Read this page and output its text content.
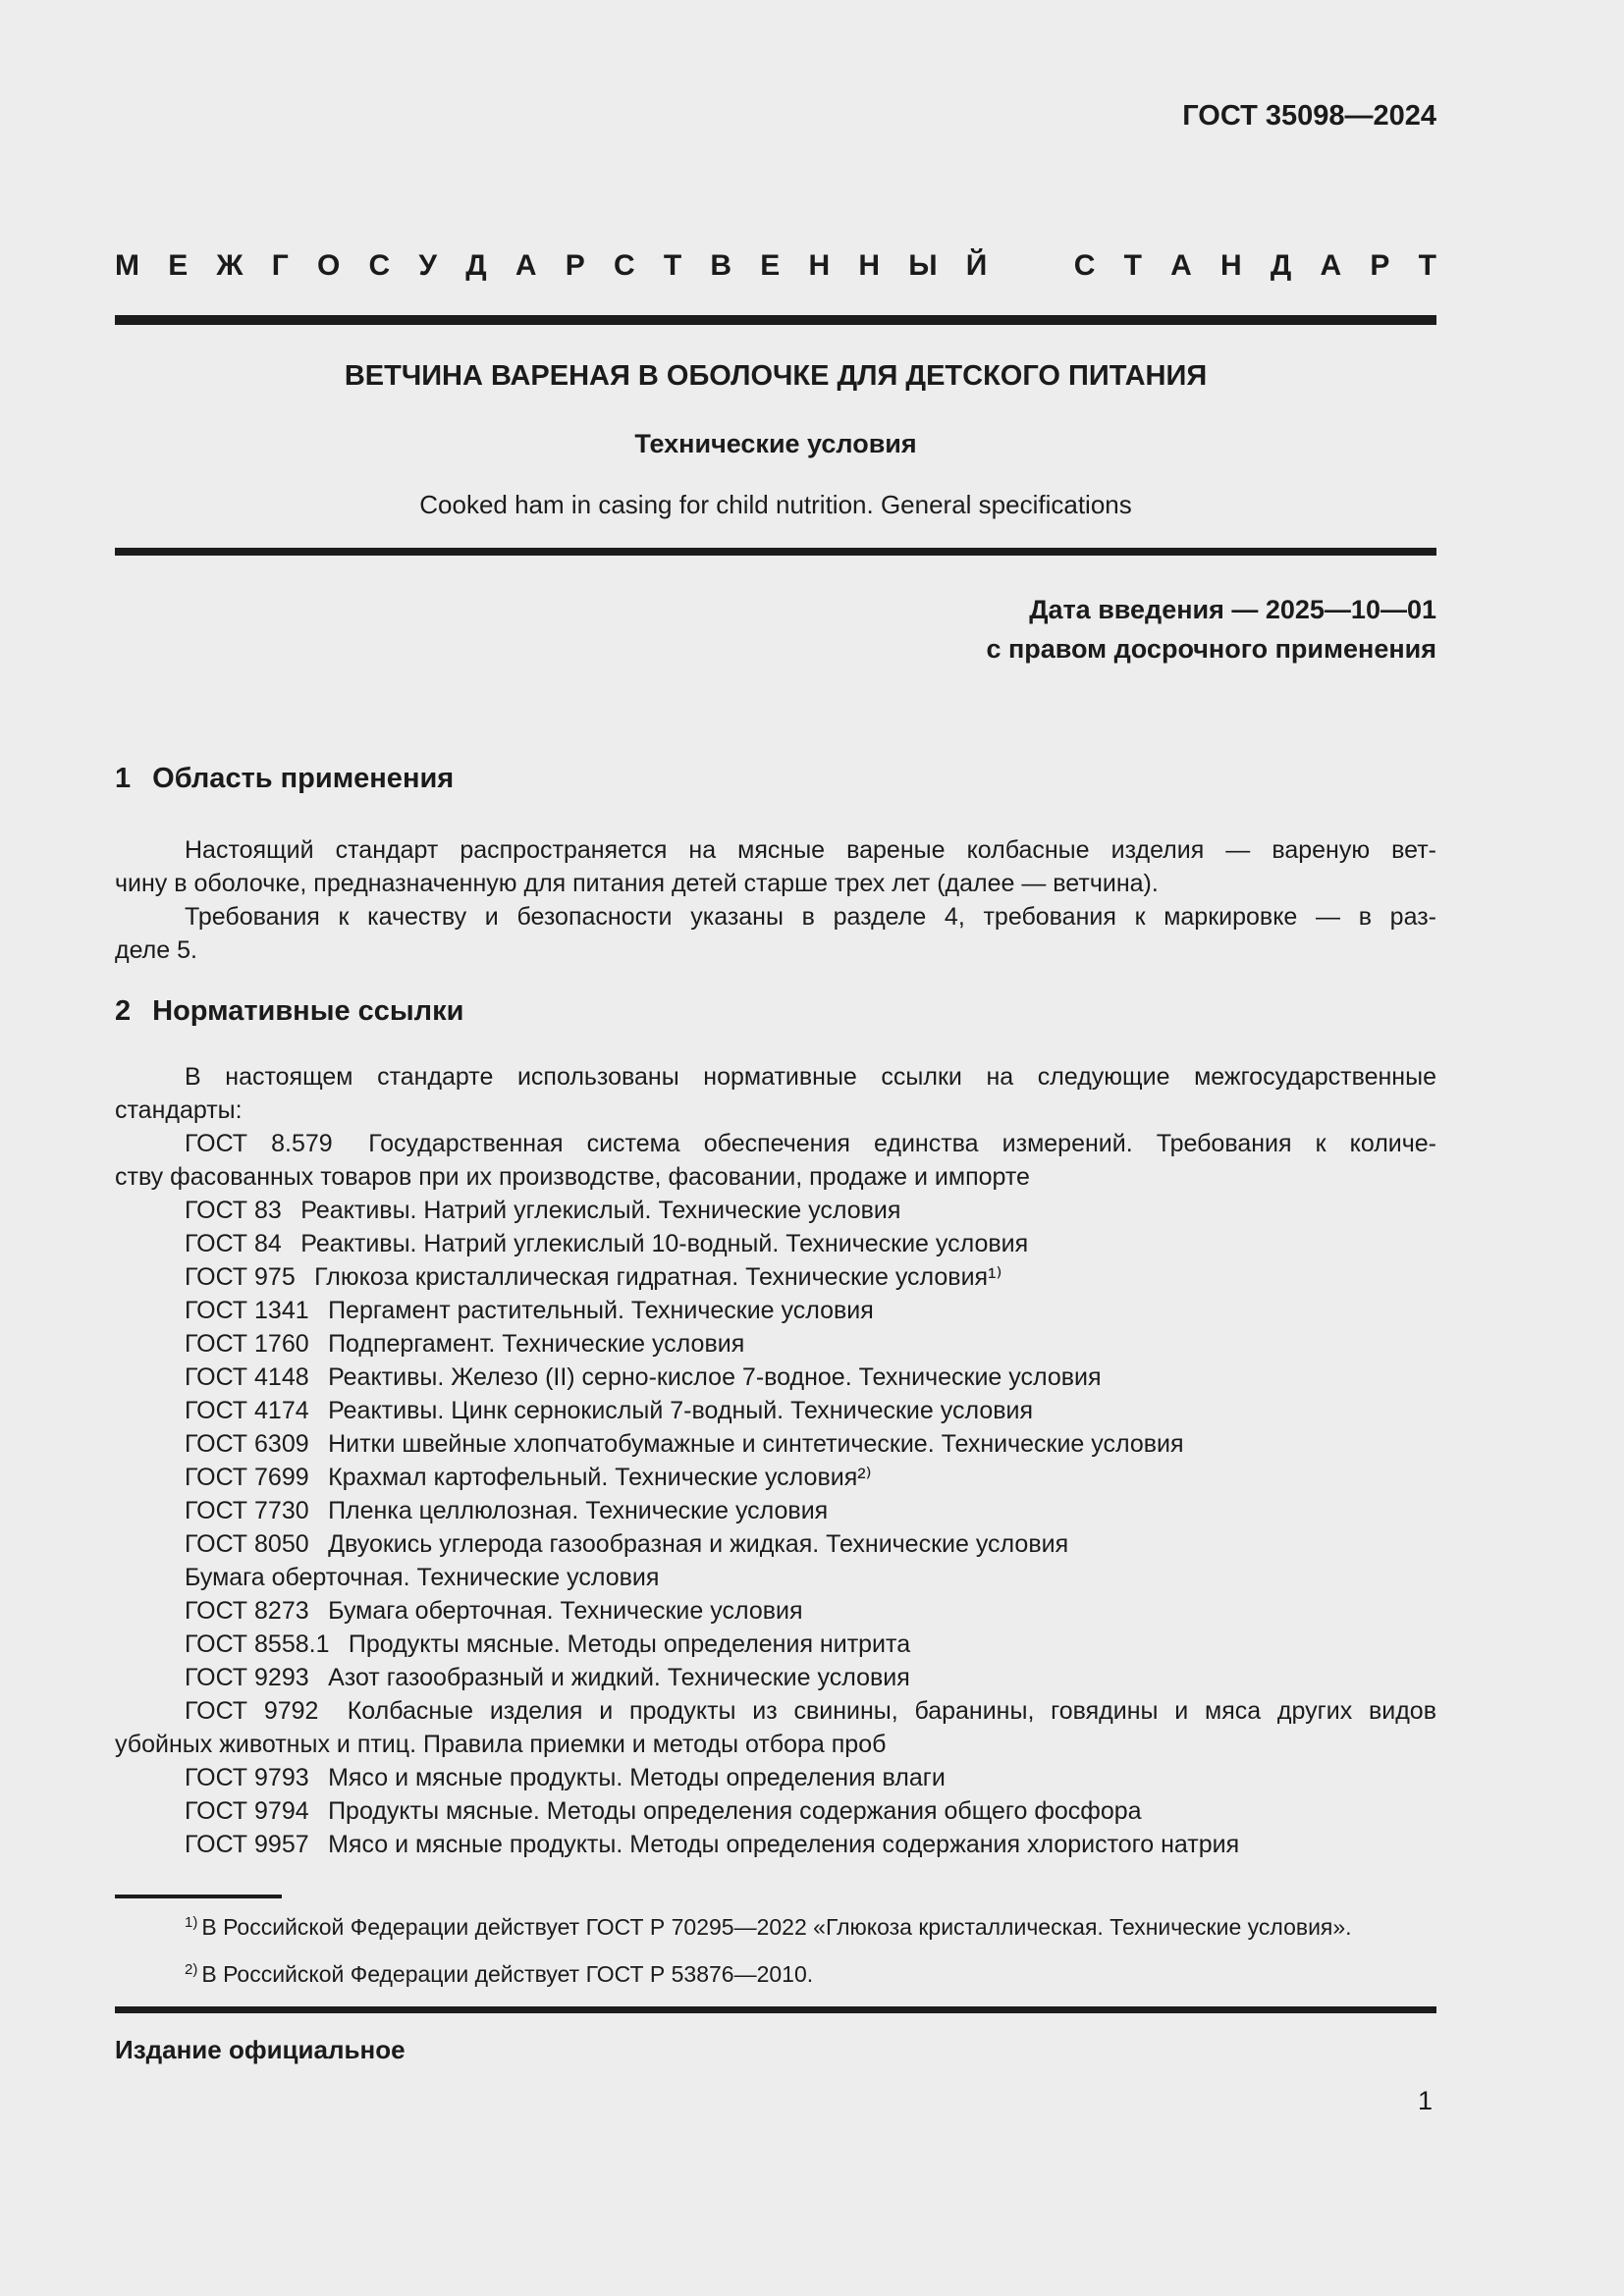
ГОСТ 35098—2024
М Е Ж Г О С У Д А Р С Т В Е Н Н Ы Й	С Т А Н Д А Р Т
ВЕТЧИНА ВАРЕНАЯ В ОБОЛОЧКЕ ДЛЯ ДЕТСКОГО ПИТАНИЯ
Технические условия
Cooked ham in casing for child nutrition. General specifications
Дата введения — 2025—10—01
с правом досрочного применения
1 Область применения
Настоящий стандарт распространяется на мясные вареные колбасные изделия — вареную вет-
чину в оболочке, предназначенную для питания детей старше трех лет (далее — ветчина).
Требования к качеству и безопасности указаны в разделе 4, требования к маркировке — в раз-
деле 5.
2 Нормативные ссылки
В настоящем стандарте использованы нормативные ссылки на следующие межгосударственные
стандарты:
ГОСТ 8.579  Государственная система обеспечения единства измерений. Требования к количе-
ству фасованных товаров при их производстве, фасовании, продаже и импорте
ГОСТ 83  Реактивы. Натрий углекислый. Технические условия
ГОСТ 84  Реактивы. Натрий углекислый 10-водный. Технические условия
ГОСТ 975  Глюкоза кристаллическая гидратная. Технические условия¹⁾
ГОСТ 1341  Пергамент растительный. Технические условия
ГОСТ 1760  Подпергамент. Технические условия
ГОСТ 4148  Реактивы. Железо (II) серно-кислое 7-водное. Технические условия
ГОСТ 4174  Реактивы. Цинк сернокислый 7-водный. Технические условия
ГОСТ 6309  Нитки швейные хлопчатобумажные и синтетические. Технические условия
ГОСТ 7699  Крахмал картофельный. Технические условия²⁾
ГОСТ 7730  Пленка целлюлозная. Технические условия
ГОСТ 8050  Двуокись углерода газообразная и жидкая. Технические условия
Бумага оберточная. Технические условия
ГОСТ 8273  Бумага оберточная. Технические условия
ГОСТ 8558.1  Продукты мясные. Методы определения нитрита
ГОСТ 9293  Азот газообразный и жидкий. Технические условия
ГОСТ 9792  Колбасные изделия и продукты из свинины, баранины, говядины и мяса других видов
убойных животных и птиц. Правила приемки и методы отбора проб
ГОСТ 9793  Мясо и мясные продукты. Методы определения влаги
ГОСТ 9794  Продукты мясные. Методы определения содержания общего фосфора
ГОСТ 9957  Мясо и мясные продукты. Методы определения содержания хлористого натрия
1) В Российской Федерации действует ГОСТ Р 70295—2022 «Глюкоза кристаллическая. Технические условия».
2) В Российской Федерации действует ГОСТ Р 53876—2010.
Издание официальное
1
